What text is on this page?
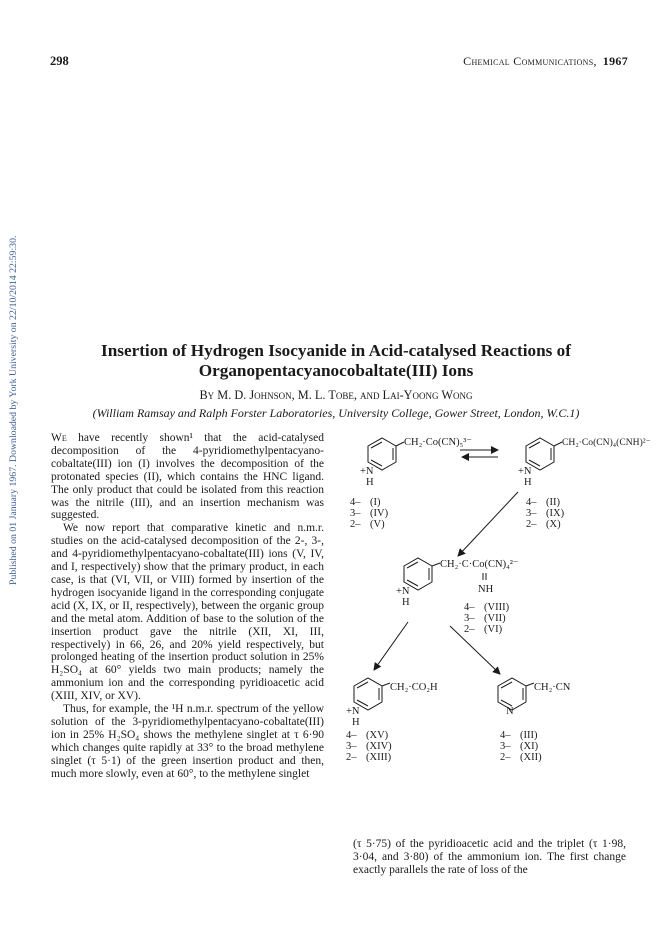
298	Chemical Communications, 1967
Published on 01 January 1967. Downloaded by York University on 22/10/2014 22:59:30.	Insertion of Hydrogen Isocyanide in Acid-catalysed Reactions of
Organopentacyanocobaltate(III) Ions
By M. D. Johnson, M. L. Tobe, and Lai-Yoong Wong
(William Ramsay and Ralph Forster Laboratories, University College, Gower Street, London, W.C.1)

We have recently shown¹ that the acid-catalysed decomposition of the 4-pyridiomethylpentacyano-cobaltate(III) ion (I) involves the decomposition of the protonated species (II), which contains the HNC ligand. The only product that could be isolated from this reaction was the nitrile (III), and an insertion mechanism was suggested.

We now report that comparative kinetic and n.m.r. studies on the acid-catalysed decomposition of the 2-, 3-, and 4-pyridiomethylpentacyano-cobaltate(III) ions (V, IV, and I, respectively) show that the primary product, in each case, is that (VI, VII, or VIII) formed by insertion of the hydrogen isocyanide ligand in the corresponding conjugate acid (X, IX, or II, respectively), between the organic group and the metal atom. Addition of base to the solution of the insertion product gave the nitrile (XII, XI, III, respectively) in 66, 26, and 20% yield respectively, but prolonged heating of the insertion product solution in 25% H₂SO₄ at 60° yields two main products; namely the ammonium ion and the corresponding pyridioacetic acid (XIII, XIV, or XV).

Thus, for example, the ¹H n.m.r. spectrum of the yellow solution of the 3-pyridiomethylpentacyano-cobaltate(III) ion in 25% H₂SO₄ shows the methylene singlet at τ 6·90 which changes quite rapidly at 33° to the broad methylene singlet (τ 5·1) of the green insertion product and then, much more slowly, even at 60°, to the methylene singlet

(τ 5·75) of the pyridioacetic acid and the triplet (τ 1·98, 3·04, and 3·80) of the ammonium ion. The first change exactly parallels the rate of loss of the
CH₂·Co(CN)₅³⁻
+N
H
4– (I)
3– (IV)
2– (V)
CH₂·Co(CN)₄(CNH)²⁻
+N
H
4– (II)
3– (IX)
2– (X)
CH₂·C·Co(CN)₄²⁻
NH
+N
H	4– (VIII)
3– (VII)
2– (VI)
CH₂·CO₂H
+N
H
4– (XV)
3– (XIV)
2– (XIII)
CH₂·CN
N
4– (III)
3– (XI)
2– (XII)
